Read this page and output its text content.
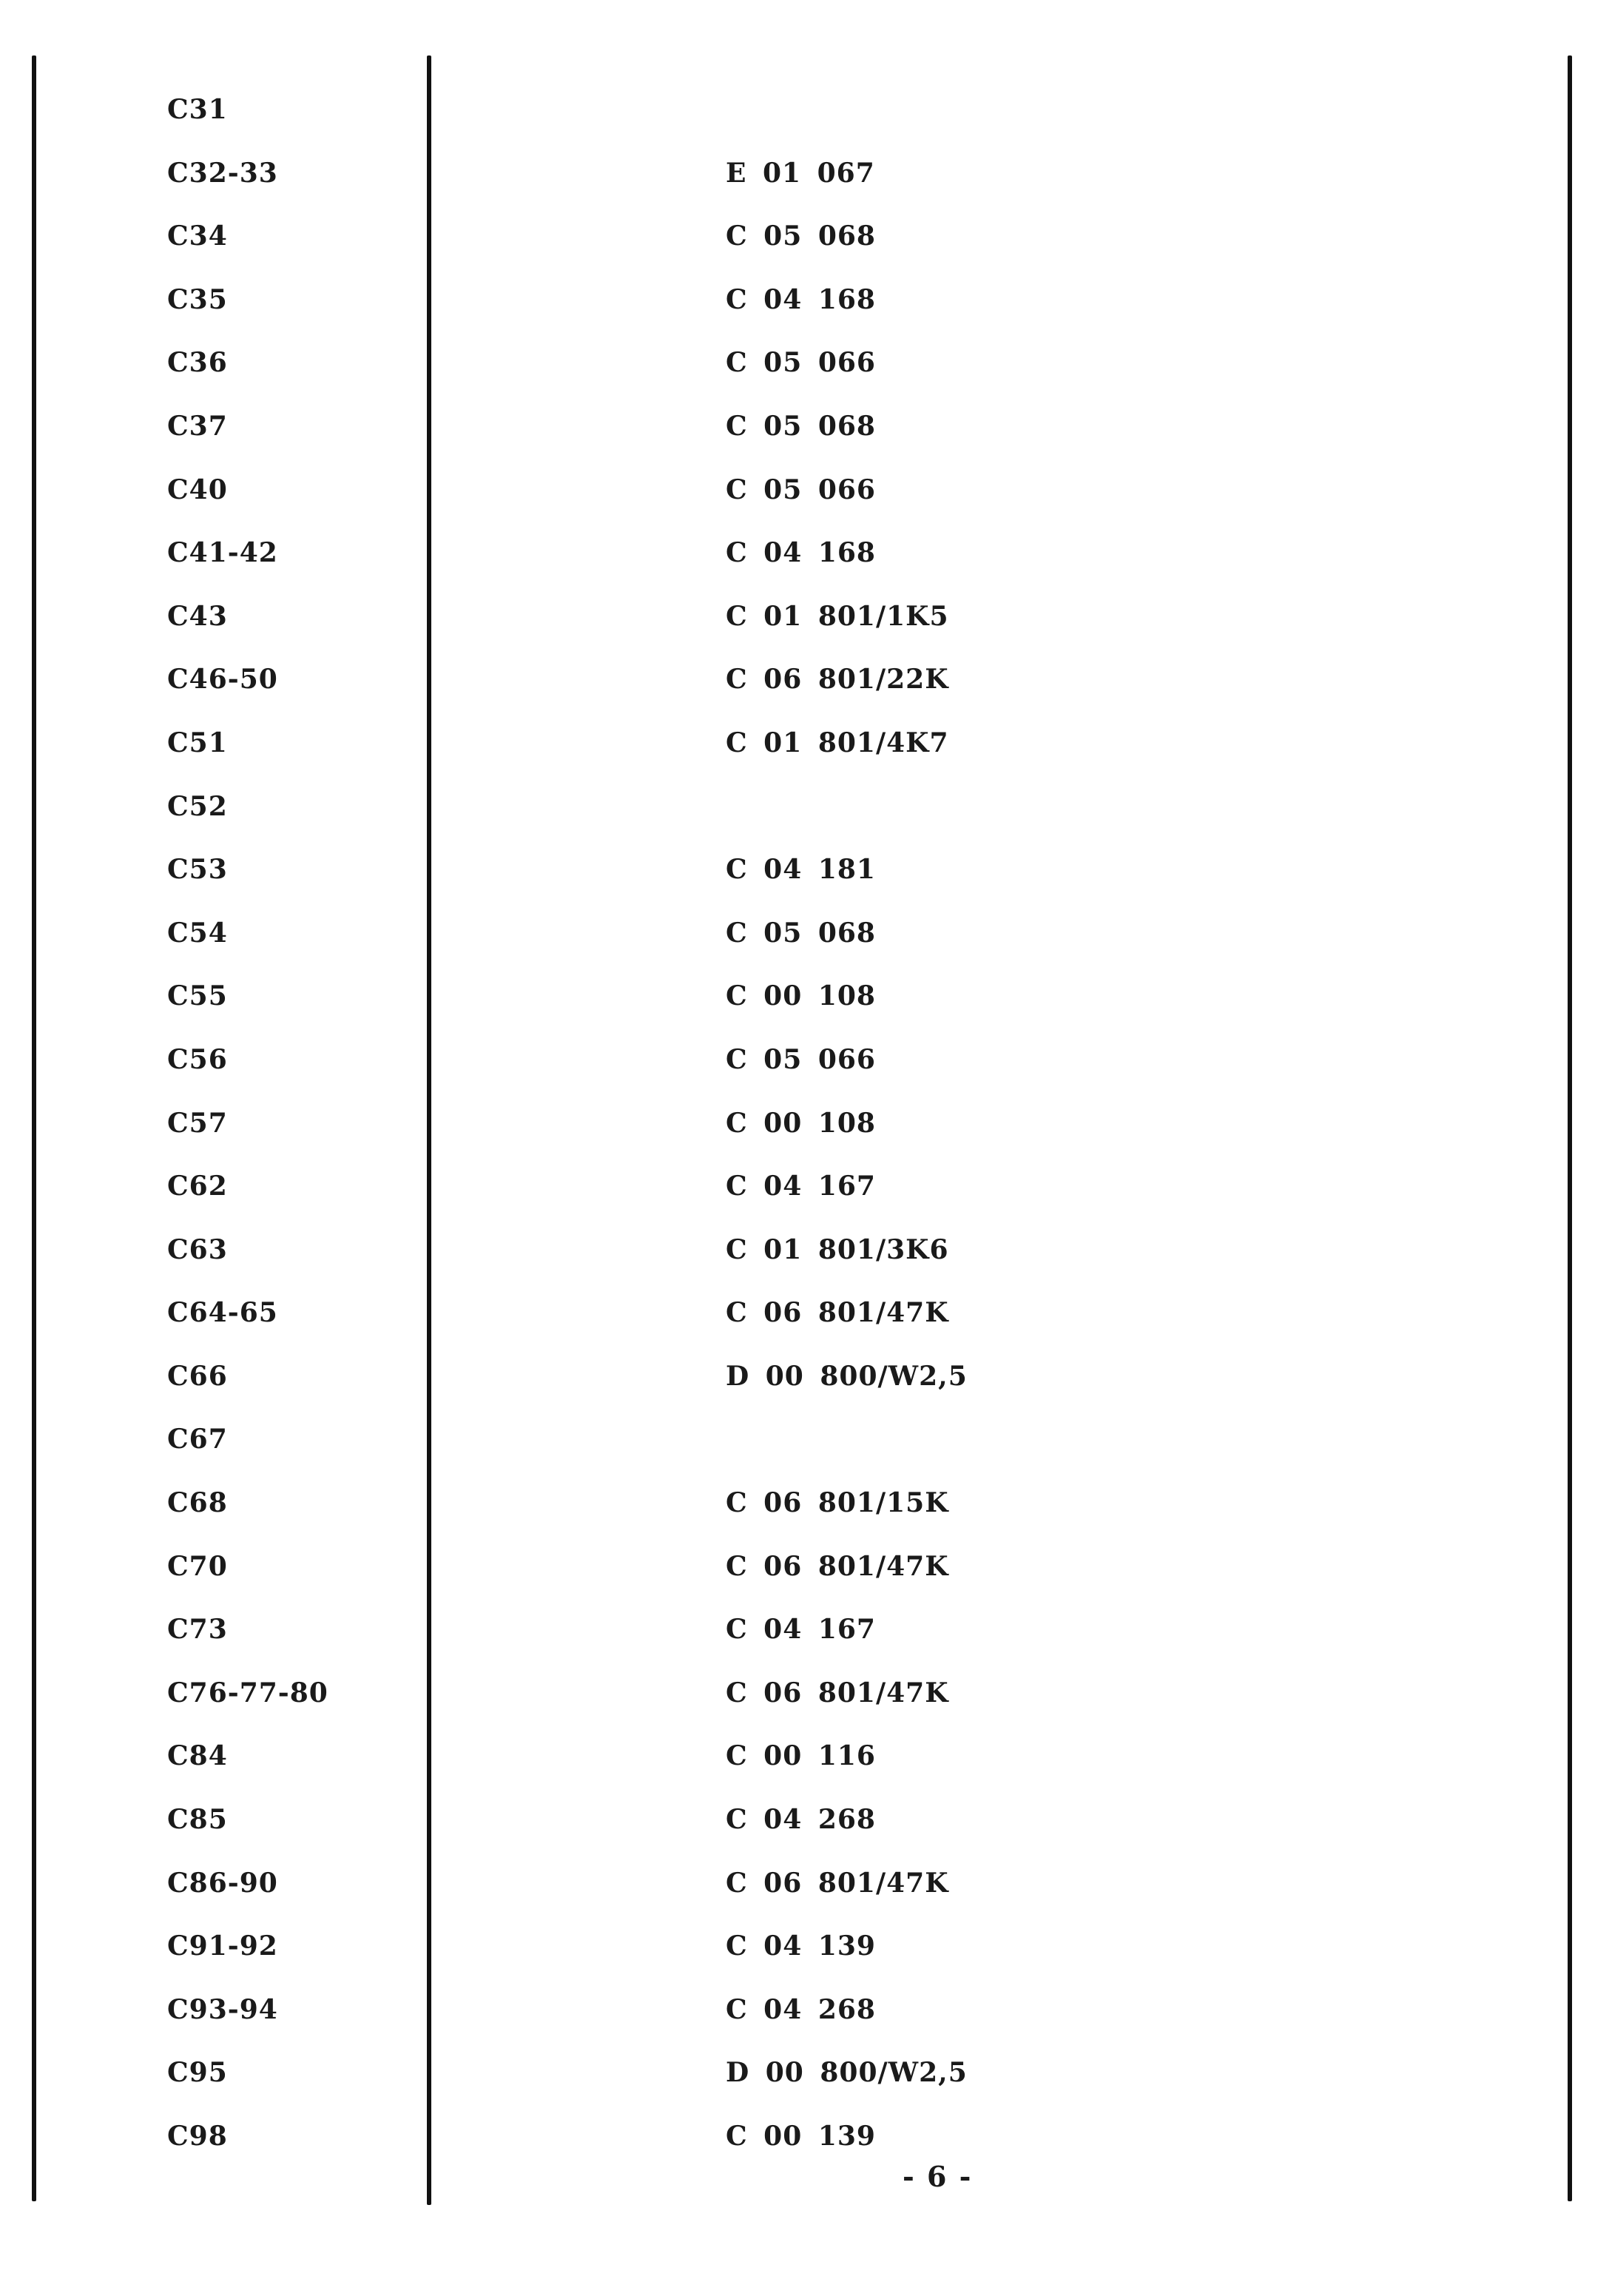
C31
C32-33	E 01 067
C34	C 05 068
C35	C 04 168
C36	C 05 066
C37	C 05 068
C40	C 05 066
C41-42	C 04 168
C43	C 01 801/1K5
C46-50	C 06 801/22K
C51	C 01 801/4K7
C52
C53	C 04 181
C54	C 05 068
C55	C 00 108
C56	C 05 066
C57	C 00 108
C62	C 04 167
C63	C 01 801/3K6
C64-65	C 06 801/47K
C66	D 00 800/W2,5
C67
C68	C 06 801/15K
C70	C 06 801/47K
C73	C 04 167
C76-77-80	C 06 801/47K
C84	C 00 116
C85	C 04 268
C86-90	C 06 801/47K
C91-92	C 04 139
C93-94	C 04 268
C95	D 00 800/W2,5
C98	C 00 139
- 6 -
